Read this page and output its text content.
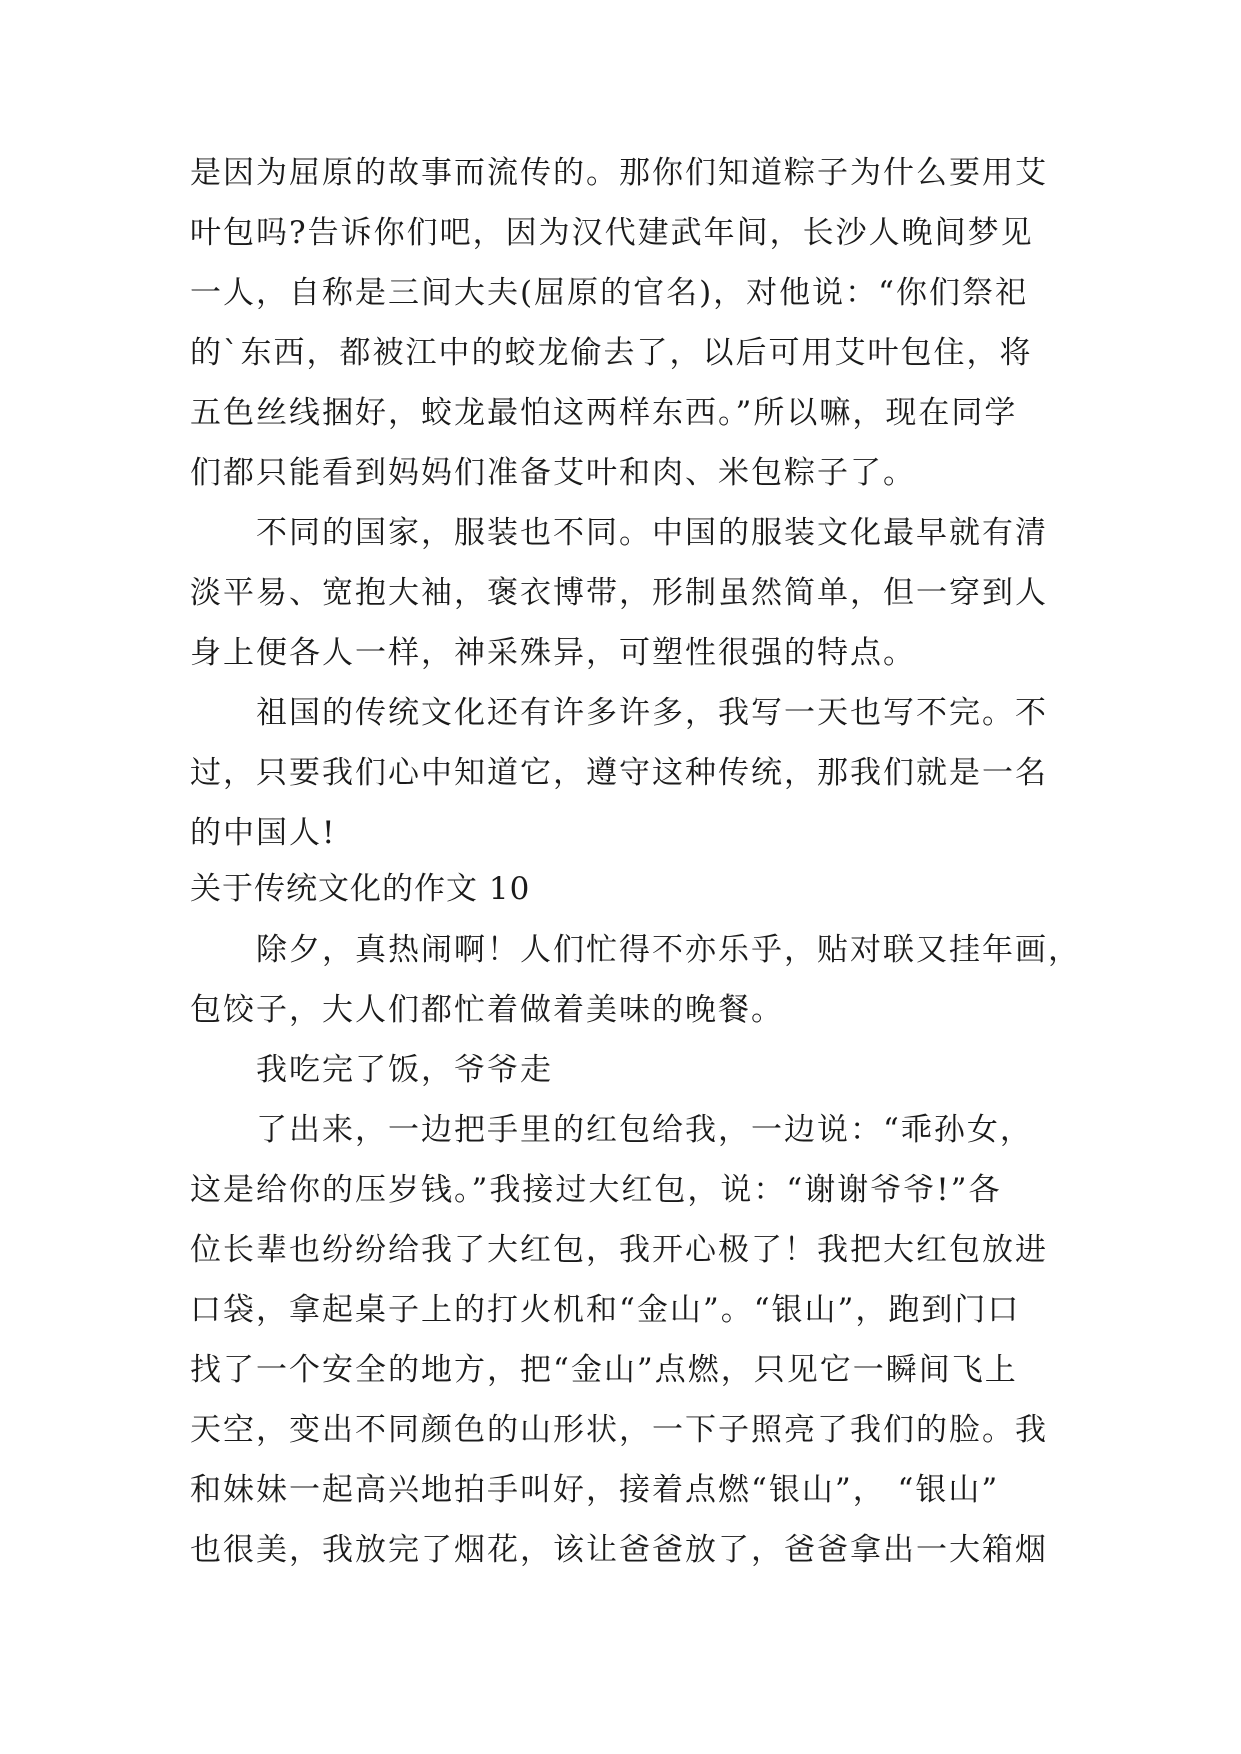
是因为屈原的故事而流传的。那你们知道粽子为什么要用艾
叶包吗?告诉你们吧，因为汉代建武年间，长沙人晚间梦见
一人，自称是三间大夫(屈原的官名)，对他说：“你们祭祀
的`东西，都被江中的蛟龙偷去了，以后可用艾叶包住，将
五色丝线捆好，蛟龙最怕这两样东西。”所以嘛，现在同学
们都只能看到妈妈们准备艾叶和肉、米包粽子了。
不同的国家，服装也不同。中国的服装文化最早就有清
淡平易、宽抱大袖，褒衣博带，形制虽然简单，但一穿到人
身上便各人一样，神采殊异，可塑性很强的特点。
祖国的传统文化还有许多许多，我写一天也写不完。不
过，只要我们心中知道它，遵守这种传统，那我们就是一名
的中国人!
关于传统文化的作文 10
除夕，真热闹啊！人们忙得不亦乐乎，贴对联又挂年画，
包饺子，大人们都忙着做着美味的晚餐。
我吃完了饭，爷爷走
了出来，一边把手里的红包给我，一边说：“乖孙女，
这是给你的压岁钱。”我接过大红包，说：“谢谢爷爷!”各
位长辈也纷纷给我了大红包，我开心极了！我把大红包放进
口袋，拿起桌子上的打火机和“金山”。“银山”，跑到门口
找了一个安全的地方，把“金山”点燃，只见它一瞬间飞上
天空，变出不同颜色的山形状，一下子照亮了我们的脸。我
和妹妹一起高兴地拍手叫好，接着点燃“银山”， “银山”
也很美，我放完了烟花，该让爸爸放了，爸爸拿出一大箱烟
